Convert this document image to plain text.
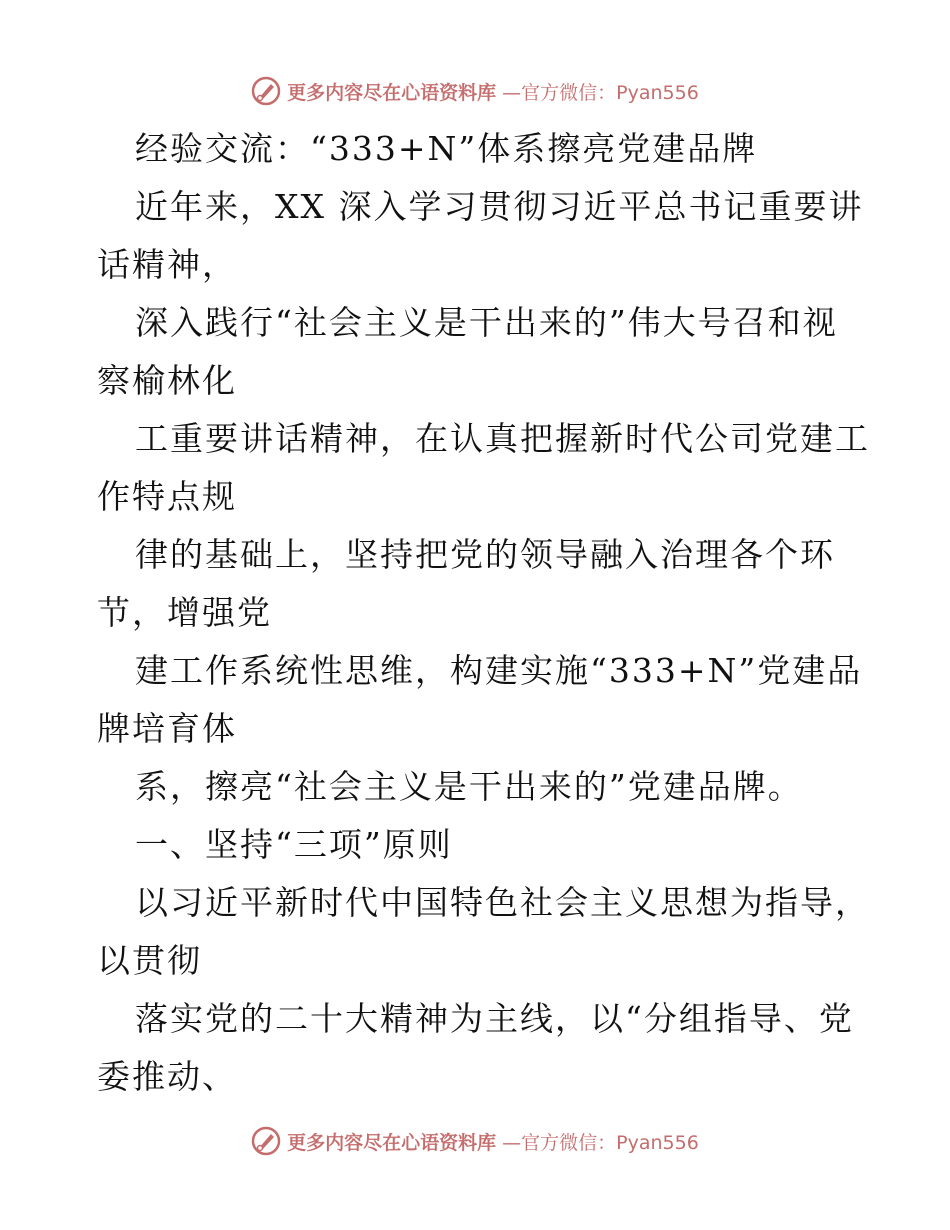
更多内容尽在心语资料库 —官方微信：Pyan556
经验交流：“333+N”体系擦亮党建品牌
近年来，XX 深入学习贯彻习近平总书记重要讲
话精神，
深入践行“社会主义是干出来的”伟大号召和视
察榆林化
工重要讲话精神，在认真把握新时代公司党建工
作特点规
律的基础上，坚持把党的领导融入治理各个环
节，增强党
建工作系统性思维，构建实施“333+N”党建品
牌培育体
系，擦亮“社会主义是干出来的”党建品牌。
一、坚持“三项”原则
以习近平新时代中国特色社会主义思想为指导，
以贯彻
落实党的二十大精神为主线，以“分组指导、党
委推动、
更多内容尽在心语资料库 —官方微信：Pyan556
